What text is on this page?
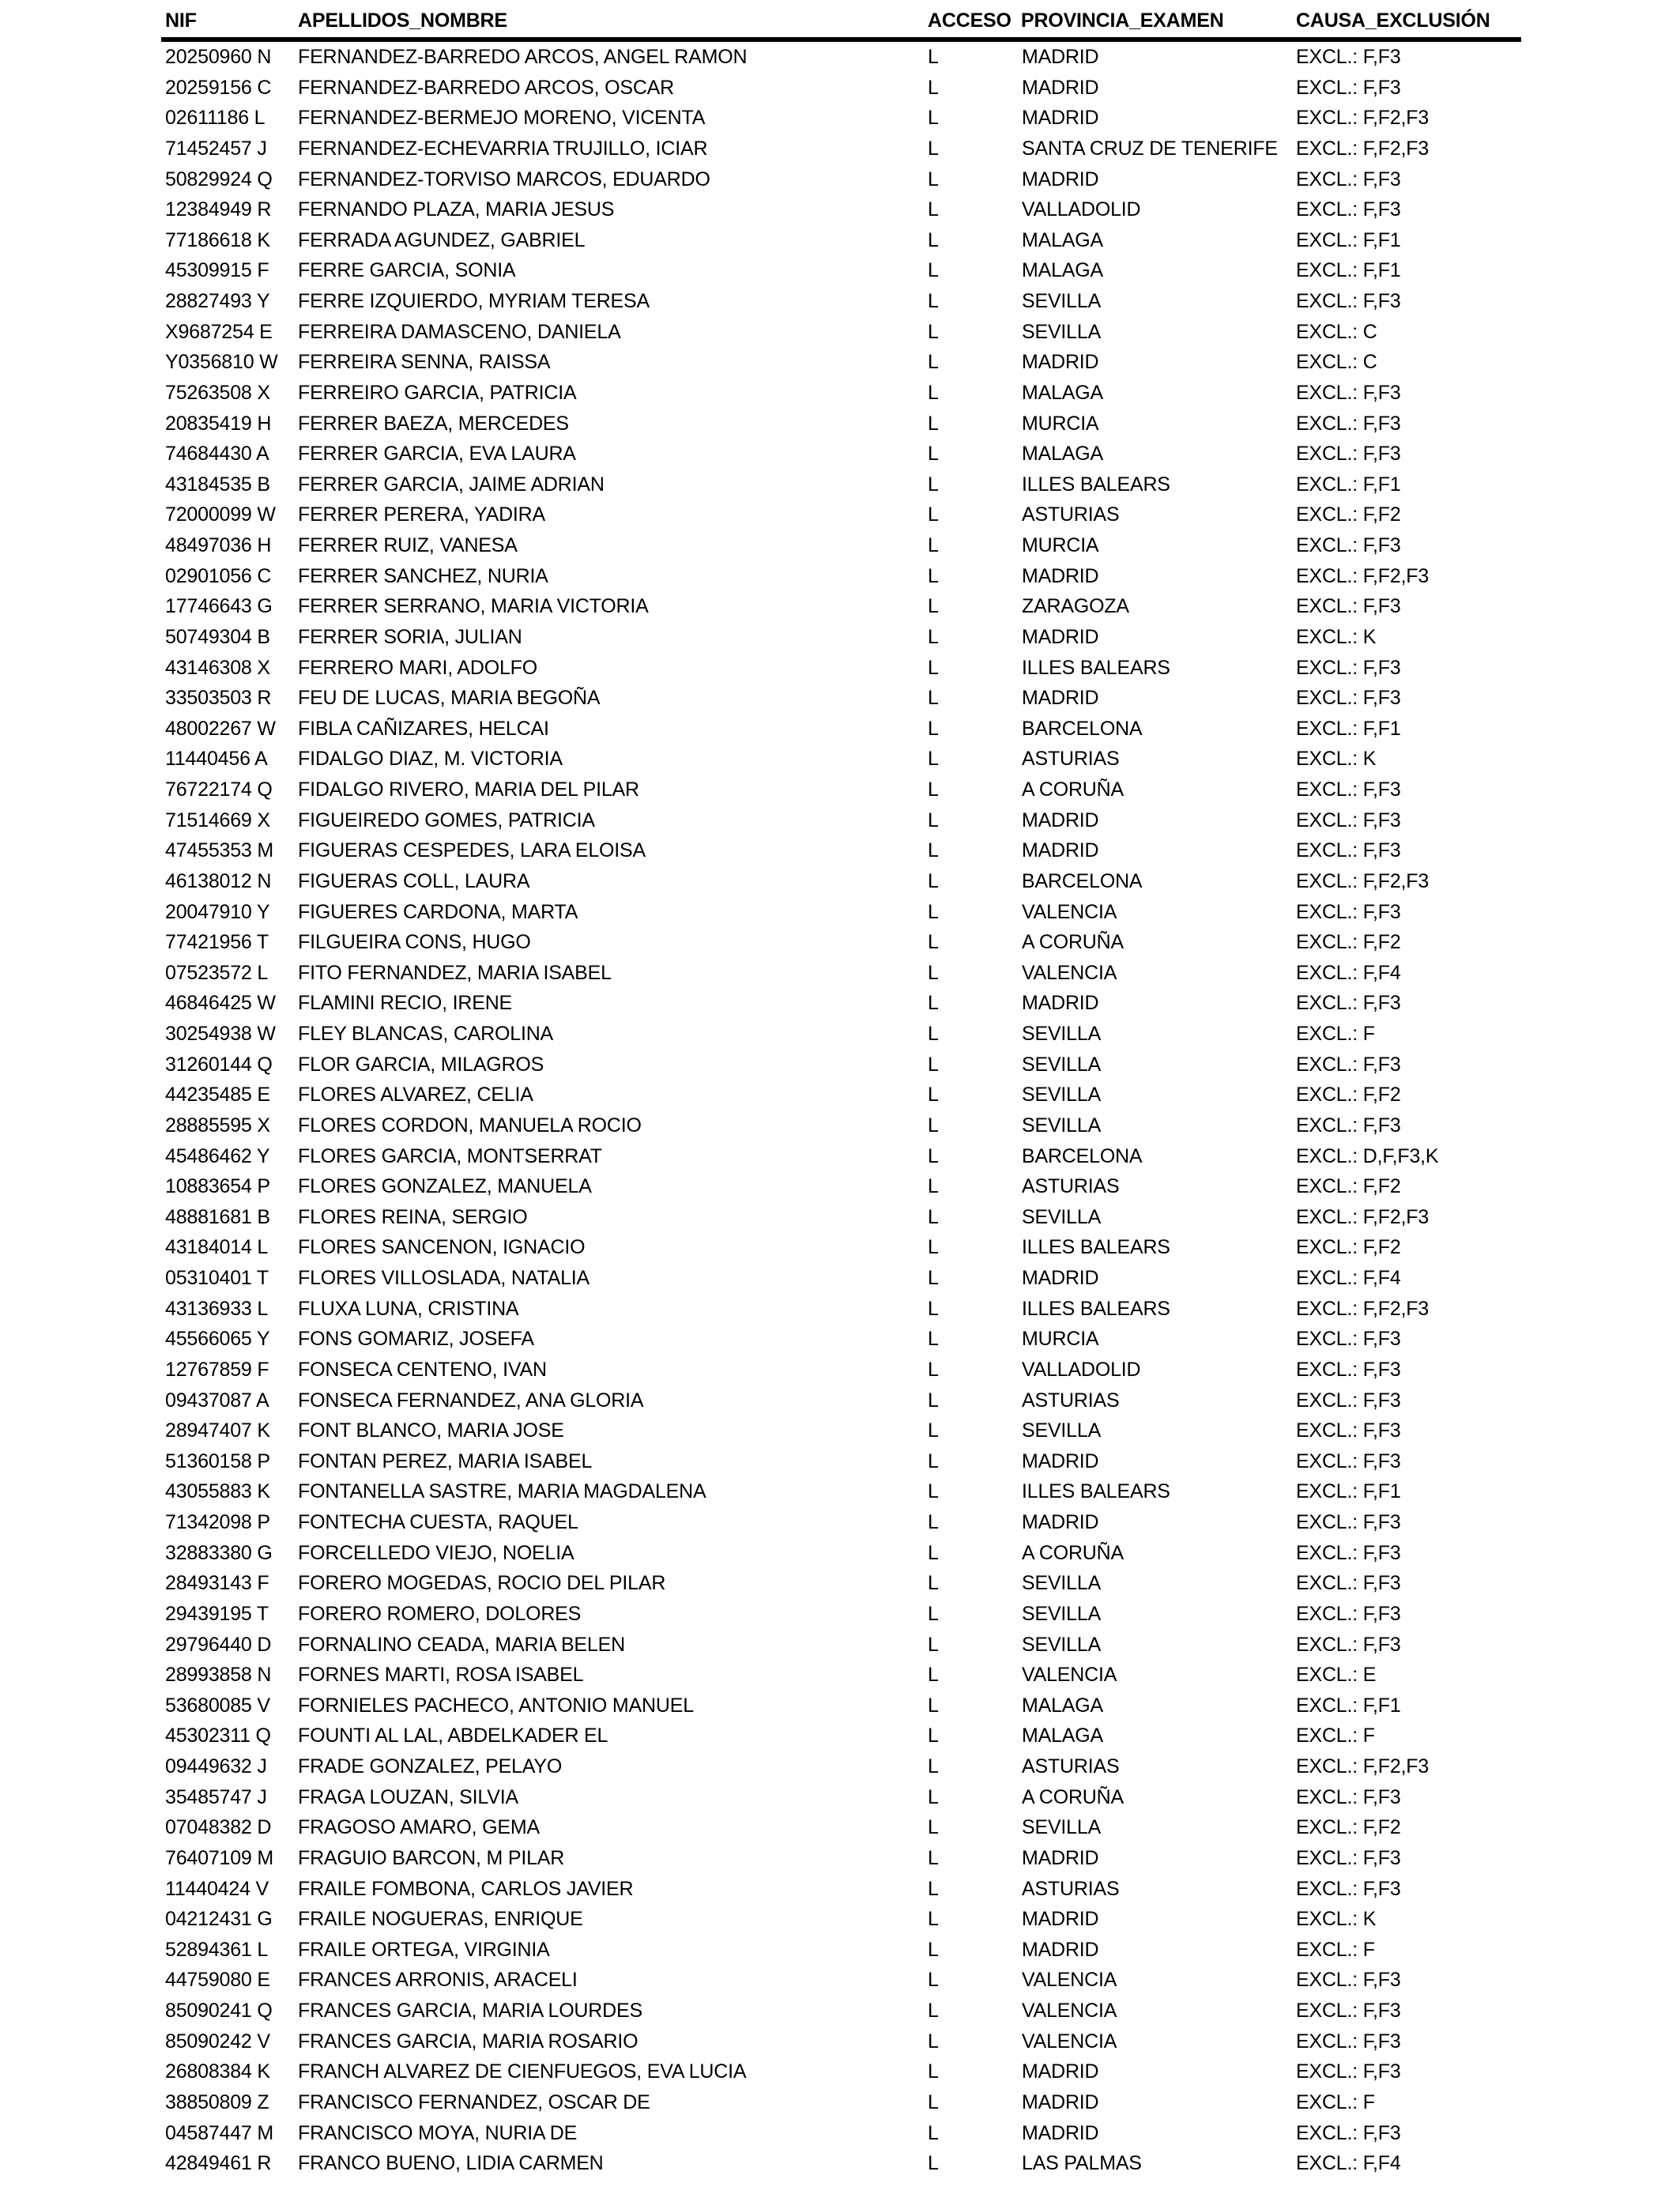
NIF	APELLIDOS_NOMBRE	ACCESO PROVINCIA_EXAMEN	CAUSA_EXCLUSIÓN
20250960 N FERNANDEZ-BARREDO ARCOS, ANGEL RAMON	L	MADRID	EXCL.: F,F3
20259156 C FERNANDEZ-BARREDO ARCOS, OSCAR	L	MADRID	EXCL.: F,F3
02611186 L FERNANDEZ-BERMEJO MORENO, VICENTA	L	MADRID	EXCL.: F,F2,F3
71452457 J FERNANDEZ-ECHEVARRIA TRUJILLO, ICIAR	L	SANTA CRUZ DE TENERIFE EXCL.: F,F2,F3
50829924 Q FERNANDEZ-TORVISO MARCOS, EDUARDO	L	MADRID	EXCL.: F,F3
12384949 R FERNANDO PLAZA, MARIA JESUS	L	VALLADOLID	EXCL.: F,F3
77186618 K FERRADA AGUNDEZ, GABRIEL	L	MALAGA	EXCL.: F,F1
45309915 F FERRE GARCIA, SONIA	L	MALAGA	EXCL.: F,F1
28827493 Y FERRE IZQUIERDO, MYRIAM TERESA	L	SEVILLA	EXCL.: F,F3
X9687254 E FERREIRA DAMASCENO, DANIELA	L	SEVILLA	EXCL.: C
Y0356810 W FERREIRA SENNA, RAISSA	L	MADRID	EXCL.: C
75263508 X FERREIRO GARCIA, PATRICIA	L	MALAGA	EXCL.: F,F3
20835419 H FERRER BAEZA, MERCEDES	L	MURCIA	EXCL.: F,F3
74684430 A FERRER GARCIA, EVA LAURA	L	MALAGA	EXCL.: F,F3
43184535 B FERRER GARCIA, JAIME ADRIAN	L	ILLES BALEARS	EXCL.: F,F1
72000099 W FERRER PERERA, YADIRA	L	ASTURIAS	EXCL.: F,F2
48497036 H FERRER RUIZ, VANESA	L	MURCIA	EXCL.: F,F3
02901056 C FERRER SANCHEZ, NURIA	L	MADRID	EXCL.: F,F2,F3
17746643 G FERRER SERRANO, MARIA VICTORIA	L	ZARAGOZA	EXCL.: F,F3
50749304 B FERRER SORIA, JULIAN	L	MADRID	EXCL.: K
43146308 X FERRERO MARI, ADOLFO	L	ILLES BALEARS	EXCL.: F,F3
33503503 R FEU DE LUCAS, MARIA BEGOÑA	L	MADRID	EXCL.: F,F3
48002267 W FIBLA CAÑIZARES, HELCAI	L	BARCELONA	EXCL.: F,F1
11440456 A FIDALGO DIAZ, M. VICTORIA	L	ASTURIAS	EXCL.: K
76722174 Q FIDALGO RIVERO, MARIA DEL PILAR	L	A CORUÑA	EXCL.: F,F3
71514669 X FIGUEIREDO GOMES, PATRICIA	L	MADRID	EXCL.: F,F3
47455353 M FIGUERAS CESPEDES, LARA ELOISA	L	MADRID	EXCL.: F,F3
46138012 N FIGUERAS COLL, LAURA	L	BARCELONA	EXCL.: F,F2,F3
20047910 Y FIGUERES CARDONA, MARTA	L	VALENCIA	EXCL.: F,F3
77421956 T FILGUEIRA CONS, HUGO	L	A CORUÑA	EXCL.: F,F2
07523572 L FITO FERNANDEZ, MARIA ISABEL	L	VALENCIA	EXCL.: F,F4
46846425 W FLAMINI RECIO, IRENE	L	MADRID	EXCL.: F,F3
30254938 W FLEY BLANCAS, CAROLINA	L	SEVILLA	EXCL.: F
31260144 Q FLOR GARCIA, MILAGROS	L	SEVILLA	EXCL.: F,F3
44235485 E FLORES ALVAREZ, CELIA	L	SEVILLA	EXCL.: F,F2
28885595 X FLORES CORDON, MANUELA ROCIO	L	SEVILLA	EXCL.: F,F3
45486462 Y FLORES GARCIA, MONTSERRAT	L	BARCELONA	EXCL.: D,F,F3,K
10883654 P FLORES GONZALEZ, MANUELA	L	ASTURIAS	EXCL.: F,F2
48881681 B FLORES REINA, SERGIO	L	SEVILLA	EXCL.: F,F2,F3
43184014 L FLORES SANCENON, IGNACIO	L	ILLES BALEARS	EXCL.: F,F2
05310401 T FLORES VILLOSLADA, NATALIA	L	MADRID	EXCL.: F,F4
43136933 L FLUXA LUNA, CRISTINA	L	ILLES BALEARS	EXCL.: F,F2,F3
45566065 Y FONS GOMARIZ, JOSEFA	L	MURCIA	EXCL.: F,F3
12767859 F FONSECA CENTENO, IVAN	L	VALLADOLID	EXCL.: F,F3
09437087 A FONSECA FERNANDEZ, ANA GLORIA	L	ASTURIAS	EXCL.: F,F3
28947407 K FONT BLANCO, MARIA JOSE	L	SEVILLA	EXCL.: F,F3
51360158 P FONTAN PEREZ, MARIA ISABEL	L	MADRID	EXCL.: F,F3
43055883 K FONTANELLA SASTRE, MARIA MAGDALENA	L	ILLES BALEARS	EXCL.: F,F1
71342098 P FONTECHA CUESTA, RAQUEL	L	MADRID	EXCL.: F,F3
32883380 G FORCELLEDO VIEJO, NOELIA	L	A CORUÑA	EXCL.: F,F3
28493143 F FORERO MOGEDAS, ROCIO DEL PILAR	L	SEVILLA	EXCL.: F,F3
29439195 T FORERO ROMERO, DOLORES	L	SEVILLA	EXCL.: F,F3
29796440 D FORNALINO CEADA, MARIA BELEN	L	SEVILLA	EXCL.: F,F3
28993858 N FORNES MARTI, ROSA ISABEL	L	VALENCIA	EXCL.: E
53680085 V FORNIELES PACHECO, ANTONIO MANUEL	L	MALAGA	EXCL.: F,F1
45302311 Q FOUNTI AL LAL, ABDELKADER EL	L	MALAGA	EXCL.: F
09449632 J FRADE GONZALEZ, PELAYO	L	ASTURIAS	EXCL.: F,F2,F3
35485747 J FRAGA LOUZAN, SILVIA	L	A CORUÑA	EXCL.: F,F3
07048382 D FRAGOSO AMARO, GEMA	L	SEVILLA	EXCL.: F,F2
76407109 M FRAGUIO BARCON, M PILAR	L	MADRID	EXCL.: F,F3
11440424 V FRAILE FOMBONA, CARLOS JAVIER	L	ASTURIAS	EXCL.: F,F3
04212431 G FRAILE NOGUERAS, ENRIQUE	L	MADRID	EXCL.: K
52894361 L FRAILE ORTEGA, VIRGINIA	L	MADRID	EXCL.: F
44759080 E FRANCES ARRONIS, ARACELI	L	VALENCIA	EXCL.: F,F3
85090241 Q FRANCES GARCIA, MARIA LOURDES	L	VALENCIA	EXCL.: F,F3
85090242 V FRANCES GARCIA, MARIA ROSARIO	L	VALENCIA	EXCL.: F,F3
26808384 K FRANCH ALVAREZ DE CIENFUEGOS, EVA LUCIA	L	MADRID	EXCL.: F,F3
38850809 Z FRANCISCO FERNANDEZ, OSCAR DE	L	MADRID	EXCL.: F
04587447 M FRANCISCO MOYA, NURIA DE	L	MADRID	EXCL.: F,F3
42849461 R FRANCO BUENO, LIDIA CARMEN	L	LAS PALMAS	EXCL.: F,F4
